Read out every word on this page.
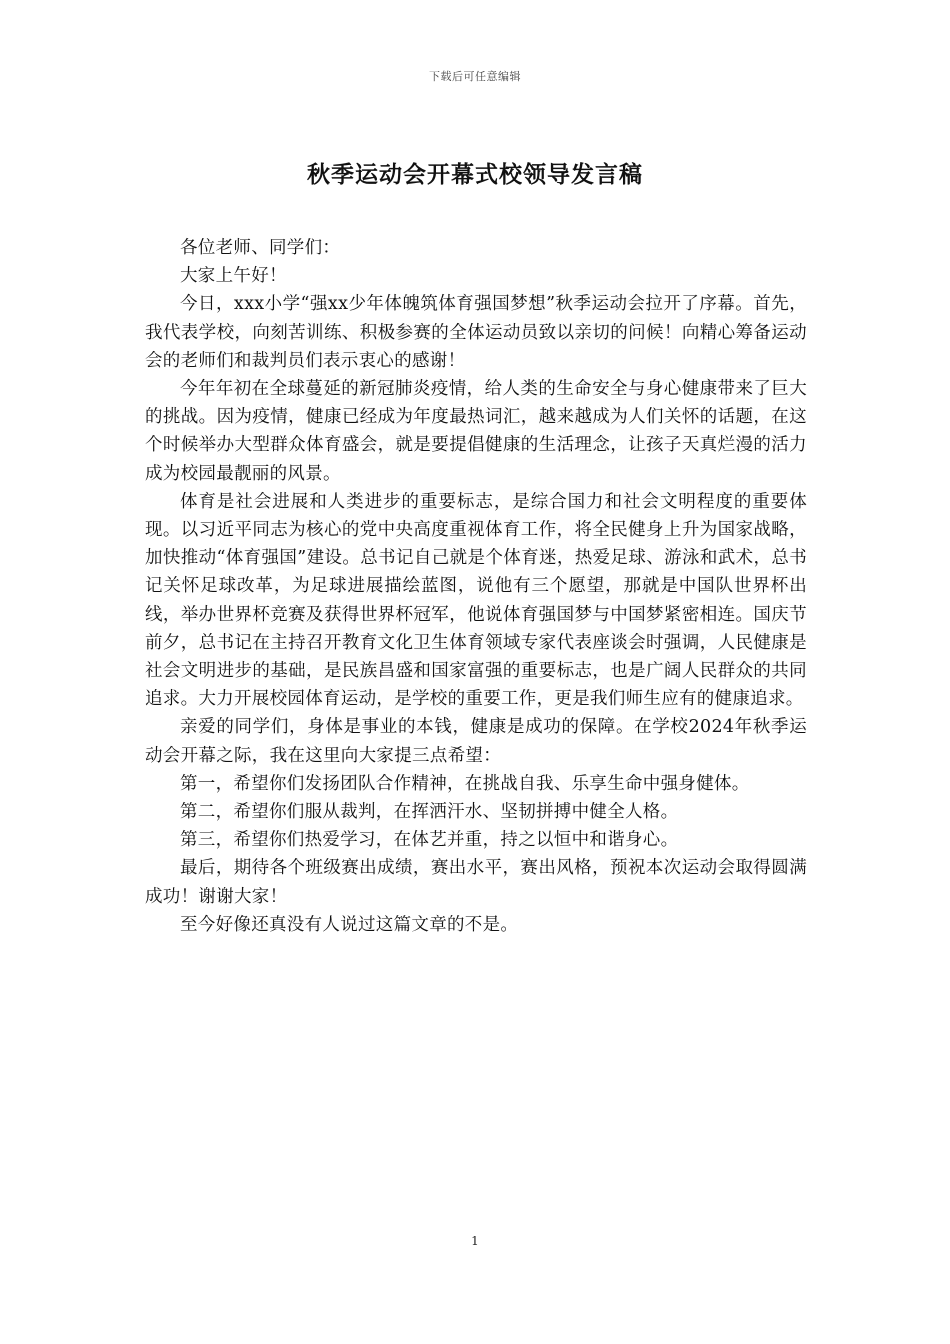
下载后可任意编辑
秋季运动会开幕式校领导发言稿

各位老师、同学们：

大家上午好！

今日，xxx小学“强xx少年体魄筑体育强国梦想”秋季运动会拉开了序幕。首先，我代表学校，向刻苦训练、积极参赛的全体运动员致以亲切的问候！向精心筹备运动会的老师们和裁判员们表示衷心的感谢！

今年年初在全球蔓延的新冠肺炎疫情，给人类的生命安全与身心健康带来了巨大的挑战。因为疫情，健康已经成为年度最热词汇，越来越成为人们关怀的话题，在这个时候举办大型群众体育盛会，就是要提倡健康的生活理念，让孩子天真烂漫的活力成为校园最靓丽的风景。

体育是社会进展和人类进步的重要标志，是综合国力和社会文明程度的重要体现。以习近平同志为核心的党中央高度重视体育工作，将全民健身上升为国家战略，加快推动“体育强国”建设。总书记自己就是个体育迷，热爱足球、游泳和武术，总书记关怀足球改革，为足球进展描绘蓝图，说他有三个愿望，那就是中国队世界杯出线，举办世界杯竞赛及获得世界杯冠军，他说体育强国梦与中国梦紧密相连。国庆节前夕，总书记在主持召开教育文化卫生体育领域专家代表座谈会时强调，人民健康是社会文明进步的基础，是民族昌盛和国家富强的重要标志，也是广阔人民群众的共同追求。大力开展校园体育运动，是学校的重要工作，更是我们师生应有的健康追求。

亲爱的同学们，身体是事业的本钱，健康是成功的保障。在学校2024年秋季运动会开幕之际，我在这里向大家提三点希望：

第一，希望你们发扬团队合作精神，在挑战自我、乐享生命中强身健体。

第二，希望你们服从裁判，在挥洒汗水、坚韧拼搏中健全人格。

第三，希望你们热爱学习，在体艺并重，持之以恒中和谐身心。

最后，期待各个班级赛出成绩，赛出水平，赛出风格，预祝本次运动会取得圆满成功！谢谢大家！

至今好像还真没有人说过这篇文章的不是。

1
